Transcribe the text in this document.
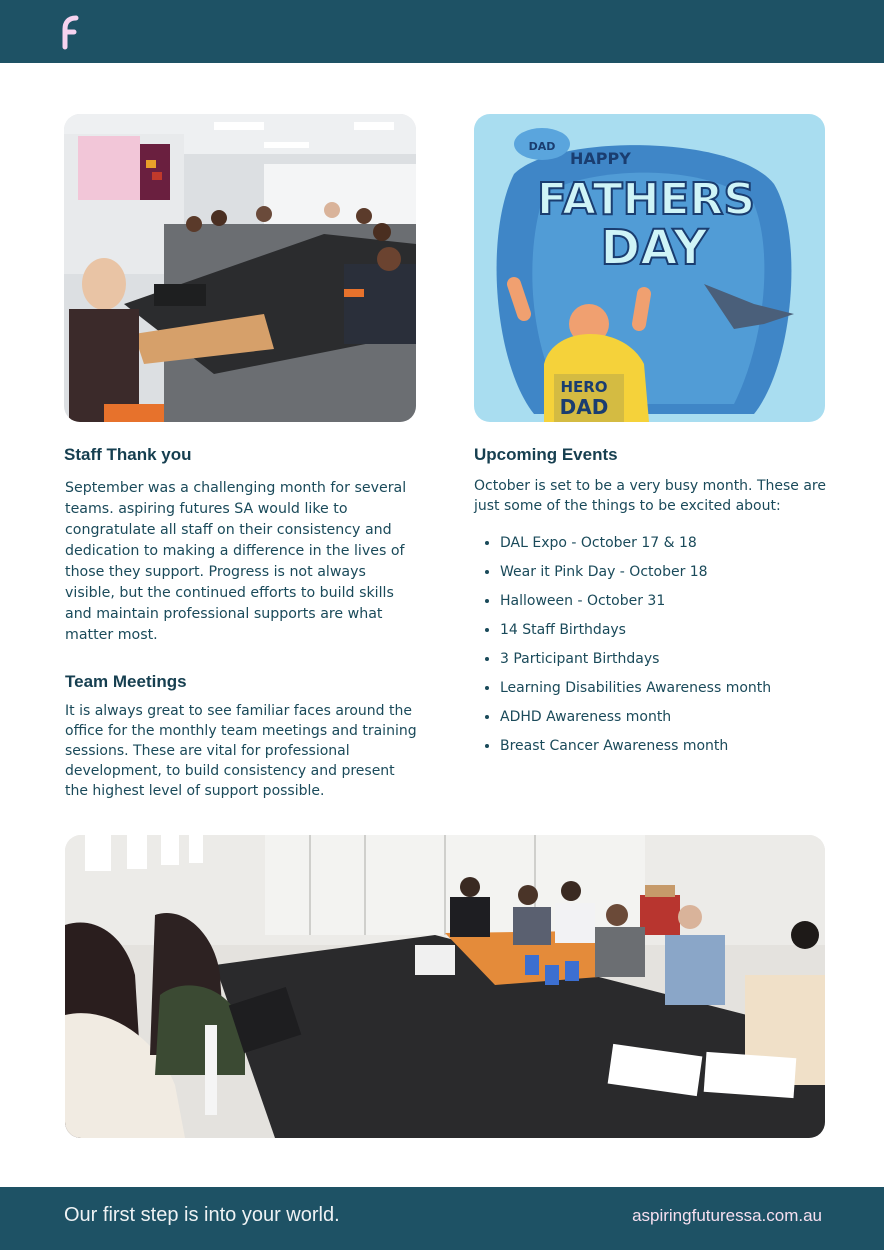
DAD
HAPPY
FATHERS
DAY
HERO
DAD
Staff Thank you

September was a challenging month for several teams. aspiring futures SA would like to congratulate all staff on their consistency and dedication to making a difference in the lives of those they support. Progress is not always visible, but the continued efforts to build skills and maintain professional supports are what matter most.

Team Meetings

It is always great to see familiar faces around the office for the monthly team meetings and training sessions. These are vital for professional development, to build consistency and present the highest level of support possible.

Upcoming Events

October is set to be a very busy month. These are just some of the things to be excited about:

DAL Expo - October 17 & 18
Wear it Pink Day - October 18
Halloween - October 31
14 Staff Birthdays
3 Participant Birthdays
Learning Disabilities Awareness month
ADHD Awareness month
Breast Cancer Awareness month
Our first step is into your world.	aspiringfuturessa.com.au
